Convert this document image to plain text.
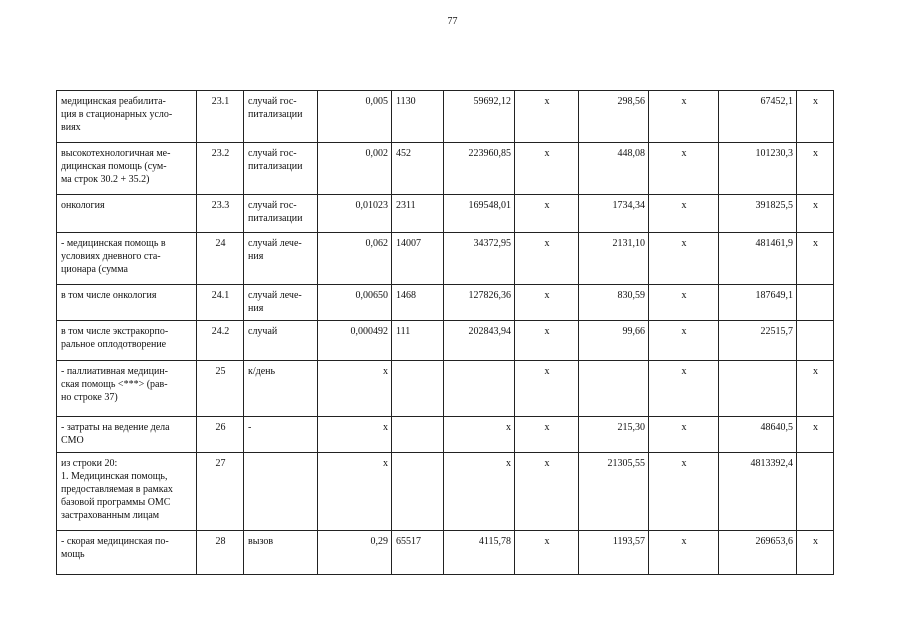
77
медицинская реабилита-
ция в стационарных усло-
виях	23.1	случай гос-
питализации	0,005	1130	59692,12	x	298,56	x	67452,1	x

высокотехнологичная ме-
дицинская помощь (сум-
ма строк 30.2 + 35.2)	23.2	случай гос-
питализации	0,002	452	223960,85	x	448,08	x	101230,3	x

онкология	23.3	случай гос-
питализации	0,01023	2311	169548,01	x	1734,34	x	391825,5	x

- медицинская помощь в
условиях дневного ста-
ционара (сумма	24	случай лече-
ния	0,062	14007	34372,95	x	2131,10	x	481461,9	x

в том числе онкология	24.1	случай лече-
ния	0,00650	1468	127826,36	x	830,59	x	187649,1	

в том числе экстракорпо-
ральное оплодотворение	24.2	случай	0,000492	111	202843,94	x	99,66	x	22515,7	

- паллиативная медицин-
ская помощь <***> (рав-
но строке 37)	25	к/день	x			x		x		x

- затраты на ведение дела
СМО	26	-	x		x	x	215,30	x	48640,5	x

из строки 20:
1. Медицинская помощь,
предоставляемая в рамках
базовой программы ОМС
застрахованным лицам	27		x		x	x	21305,55	x	4813392,4	

- скорая медицинская по-
мощь	28	вызов	0,29	65517	4115,78	x	1193,57	x	269653,6	x
